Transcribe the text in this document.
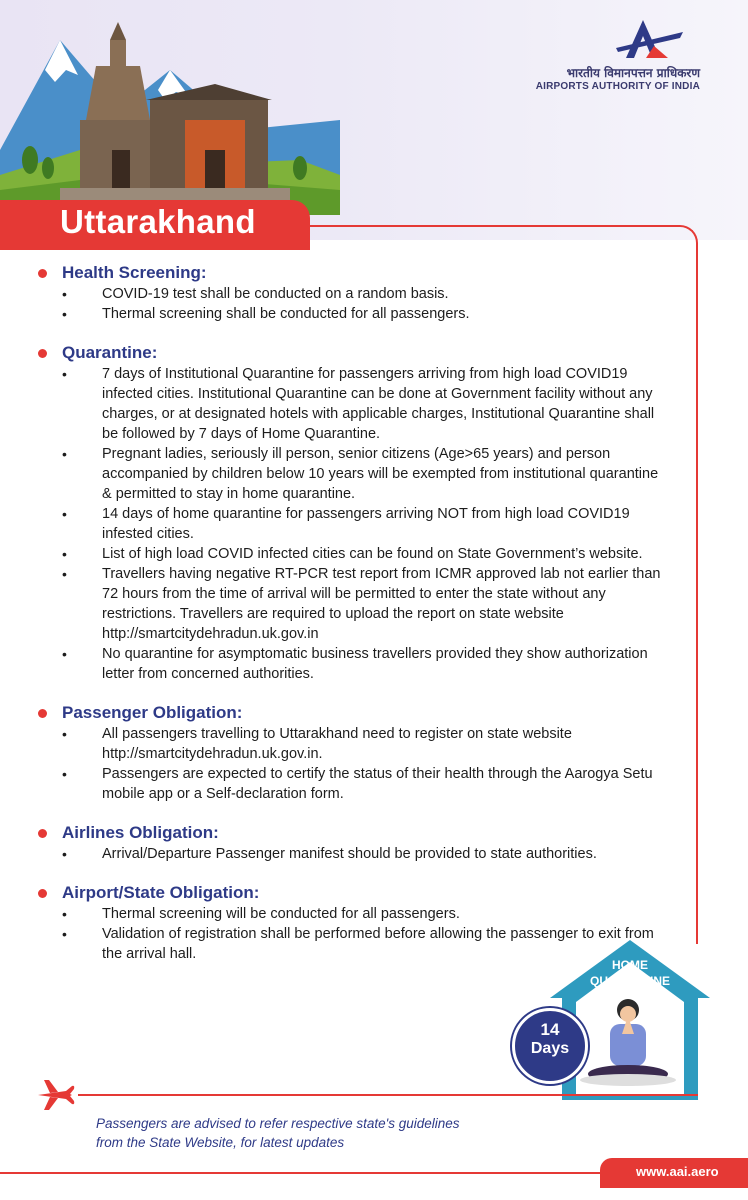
भारतीय विमानपत्तन प्राधिकरण
AIRPORTS AUTHORITY OF INDIA
Uttarakhand
Health Screening:
• COVID-19 test shall be conducted on a random basis.
• Thermal screening shall be conducted for all passengers.
Quarantine:
• 7 days of Institutional Quarantine for passengers arriving from high load COVID19 infected cities. Institutional Quarantine can be done at Government facility without any charges, or at designated hotels with applicable charges, Institutional Quarantine shall be followed by 7 days of Home Quarantine.
• Pregnant ladies, seriously ill person, senior citizens (Age>65 years) and person accompanied by children below 10 years will be exempted from institutional quarantine & permitted to stay in home quarantine.
• 14 days of home quarantine for passengers arriving NOT from high load COVID19 infested cities.
• List of high load COVID infected cities can be found on State Government’s website.
• Travellers having negative RT-PCR test report from ICMR approved lab not earlier than 72 hours from the time of arrival will be permitted to enter the state without any restrictions. Travellers are required to upload the report on state website http://smartcitydehradun.uk.gov.in
• No quarantine for asymptomatic business travellers provided they show authorization letter from concerned authorities.
Passenger Obligation:
• All passengers travelling to Uttarakhand need to register on state website http://smartcitydehradun.uk.gov.in.
• Passengers are expected to certify the status of their health through the Aarogya Setu mobile app or a Self-declaration form.
Airlines Obligation:
• Arrival/Departure Passenger manifest should be provided to state authorities.
Airport/State Obligation:
• Thermal screening will be conducted for all passengers.
• Validation of registration shall be performed before allowing the passenger to exit from the arrival hall.
HOME
QUARANTINE
14
Days
Passengers are advised to refer respective state's guidelines
from the State Website, for latest updates
www.aai.aero
